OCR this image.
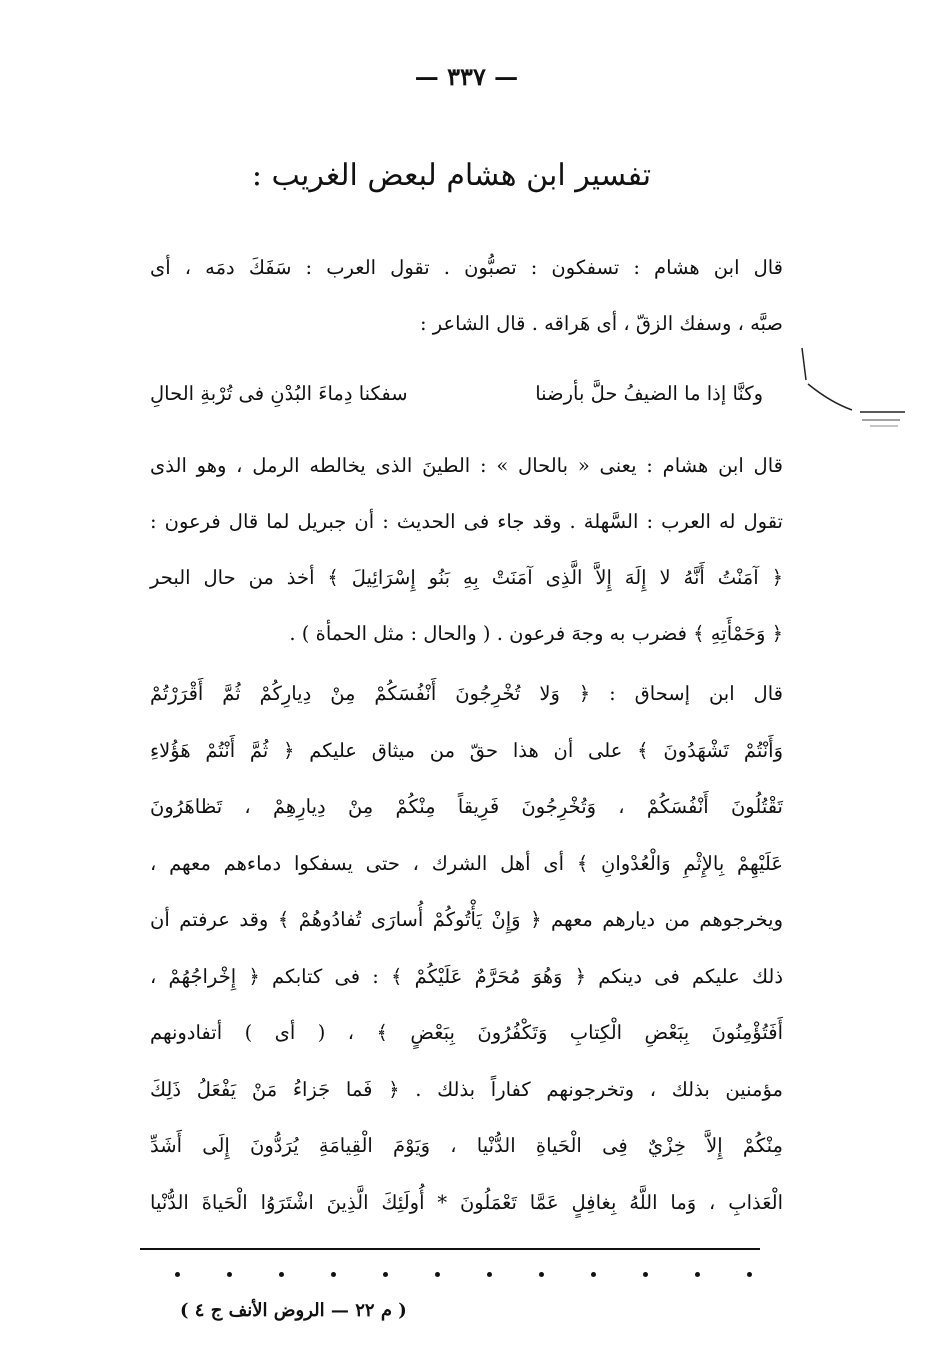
— ٣٣٧ —
تفسير ابن هشام لبعض الغريب :
قال ابن هشام : تسفكون : تصبُّون . تقول العرب : سَفَكَ دمَه ، أى
صبَّه ، وسفك الزقّ ، أى هَراقه . قال الشاعر :
وكنَّا إذا ما الضيفُ حلَّ بأرضنا
سفكنا دِماءَ البُدْنِ فى تُرْبةِ الحالِ
قال ابن هشام : يعنى « بالحال » : الطينَ الذى يخالطه الرمل ، وهو الذى
تقول له العرب : السَّهلة . وقد جاء فى الحديث : أن جبريل لما قال فرعون :
﴿ آمَنْتُ أَنَّهُ لا إِلَهَ إِلاَّ الَّذِى آمَنَتْ بِهِ بَنُو إِسْرَائِيلَ ﴾ أخذ من حال البحر
﴿ وَحَمْأَتِهِ ﴾ فضرب به وجهَ فرعون . ( والحال : مثل الحمأة ) .
قال ابن إسحاق : ﴿ وَلا تُخْرِجُونَ أَنْفُسَكُمْ مِنْ دِيارِكُمْ ثُمَّ أَقْرَرْتُمْ
وَأَنْتُمْ تَشْهَدُونَ ﴾ على أن هذا حقّ من ميثاق عليكم ﴿ ثُمَّ أَنْتُمْ هَؤُلاءِ
تَقْتُلُونَ أَنْفُسَكُمْ ، وَتُخْرِجُونَ فَرِيقاً مِنْكُمْ مِنْ دِيارِهِمْ ، تَظاهَرُونَ
عَلَيْهِمْ بِالإِثْمِ وَالْعُدْوانِ ﴾ أى أهل الشرك ، حتى يسفكوا دماءهم معهم ،
ويخرجوهم من ديارهم معهم ﴿ وَإِنْ يَأْتُوكُمْ أُسارَى تُفادُوهُمْ ﴾ وقد عرفتم أن
ذلك عليكم فى دينكم ﴿ وَهُوَ مُحَرَّمٌ عَلَيْكُمْ ﴾ : فى كتابكم ﴿ إِخْراجُهُمْ ،
أَفَتُؤْمِنُونَ بِبَعْضِ الْكِتابِ وَتَكْفُرُونَ بِبَعْضٍ ﴾ ، ( أى ) أتفادونهم
مؤمنين بذلك ، وتخرجونهم كفاراً بذلك . ﴿ فَما جَزاءُ مَنْ يَفْعَلُ ذَلِكَ
مِنْكُمْ إِلاَّ خِزْيٌ فِى الْحَياةِ الدُّنْيا ، وَيَوْمَ الْقِيامَةِ يُرَدُّونَ إِلَى أَشَدِّ
الْعَذابِ ، وَما اللَّهُ بِغافِلٍ عَمَّا تَعْمَلُونَ * أُولَئِكَ الَّذِينَ اشْتَرَوُا الْحَياةَ الدُّنْيا
( م ٢٢ — الروض الأنف ج ٤ )
